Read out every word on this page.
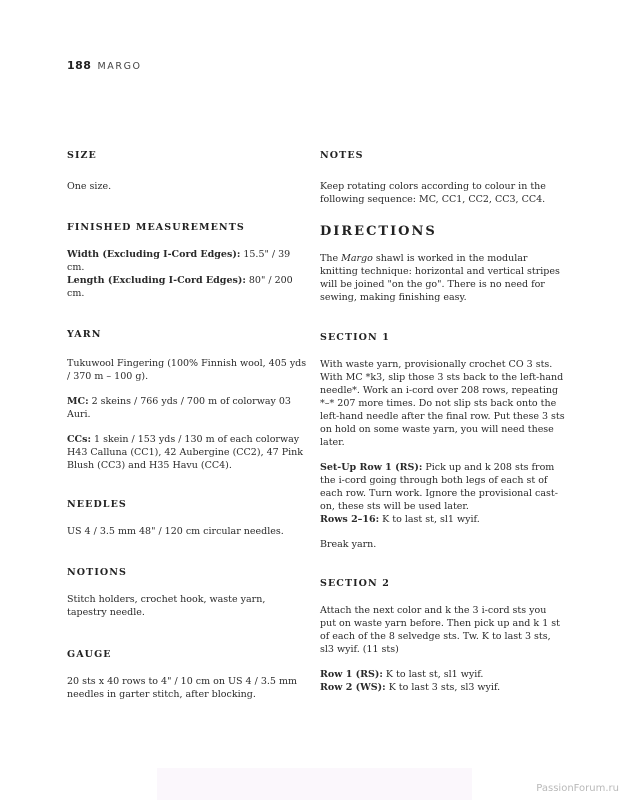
188 MARGO
SIZE

One size.

FINISHED MEASUREMENTS

Width (Excluding I-Cord Edges): 15.5" / 39 cm.

Length (Excluding I-Cord Edges): 80" / 200 cm.

YARN

Tukuwool Fingering (100% Finnish wool, 405 yds / 370 m – 100 g).

MC: 2 skeins / 766 yds / 700 m of colorway 03 Auri.

CCs: 1 skein / 153 yds / 130 m of each colorway H43 Calluna (CC1), 42 Aubergine (CC2), 47 Pink Blush (CC3) and H35 Havu (CC4).

NEEDLES

US 4 / 3.5 mm 48" / 120 cm circular needles.

NOTIONS

Stitch holders, crochet hook, waste yarn, tapestry needle.

GAUGE

20 sts x 40 rows to 4" / 10 cm on US 4 / 3.5 mm needles in garter stitch, after blocking.

NOTES

Keep rotating colors according to colour in the following sequence: MC, CC1, CC2, CC3, CC4.

DIRECTIONS

The Margo shawl is worked in the modular knitting technique: horizontal and vertical stripes will be joined "on the go". There is no need for sewing, making finishing easy.

SECTION 1

With waste yarn, provisionally crochet CO 3 sts. With MC *k3, slip those 3 sts back to the left-hand needle*. Work an i-cord over 208 rows, repeating *–* 207 more times. Do not slip sts back onto the left-hand needle after the final row. Put these 3 sts on hold on some waste yarn, you will need these later.

Set-Up Row 1 (RS): Pick up and k 208 sts from the i-cord going through both legs of each st of each row. Turn work. Ignore the provisional cast-on, these sts will be used later.

Rows 2–16: K to last st, sl1 wyif.

Break yarn.

SECTION 2

Attach the next color and k the 3 i-cord sts you put on waste yarn before. Then pick up and k 1 st of each of the 8 selvedge sts. Tw. K to last 3 sts, sl3 wyif. (11 sts)

Row 1 (RS): K to last st, sl1 wyif.

Row 2 (WS): K to last 3 sts, sl3 wyif.

PassionForum.ru
